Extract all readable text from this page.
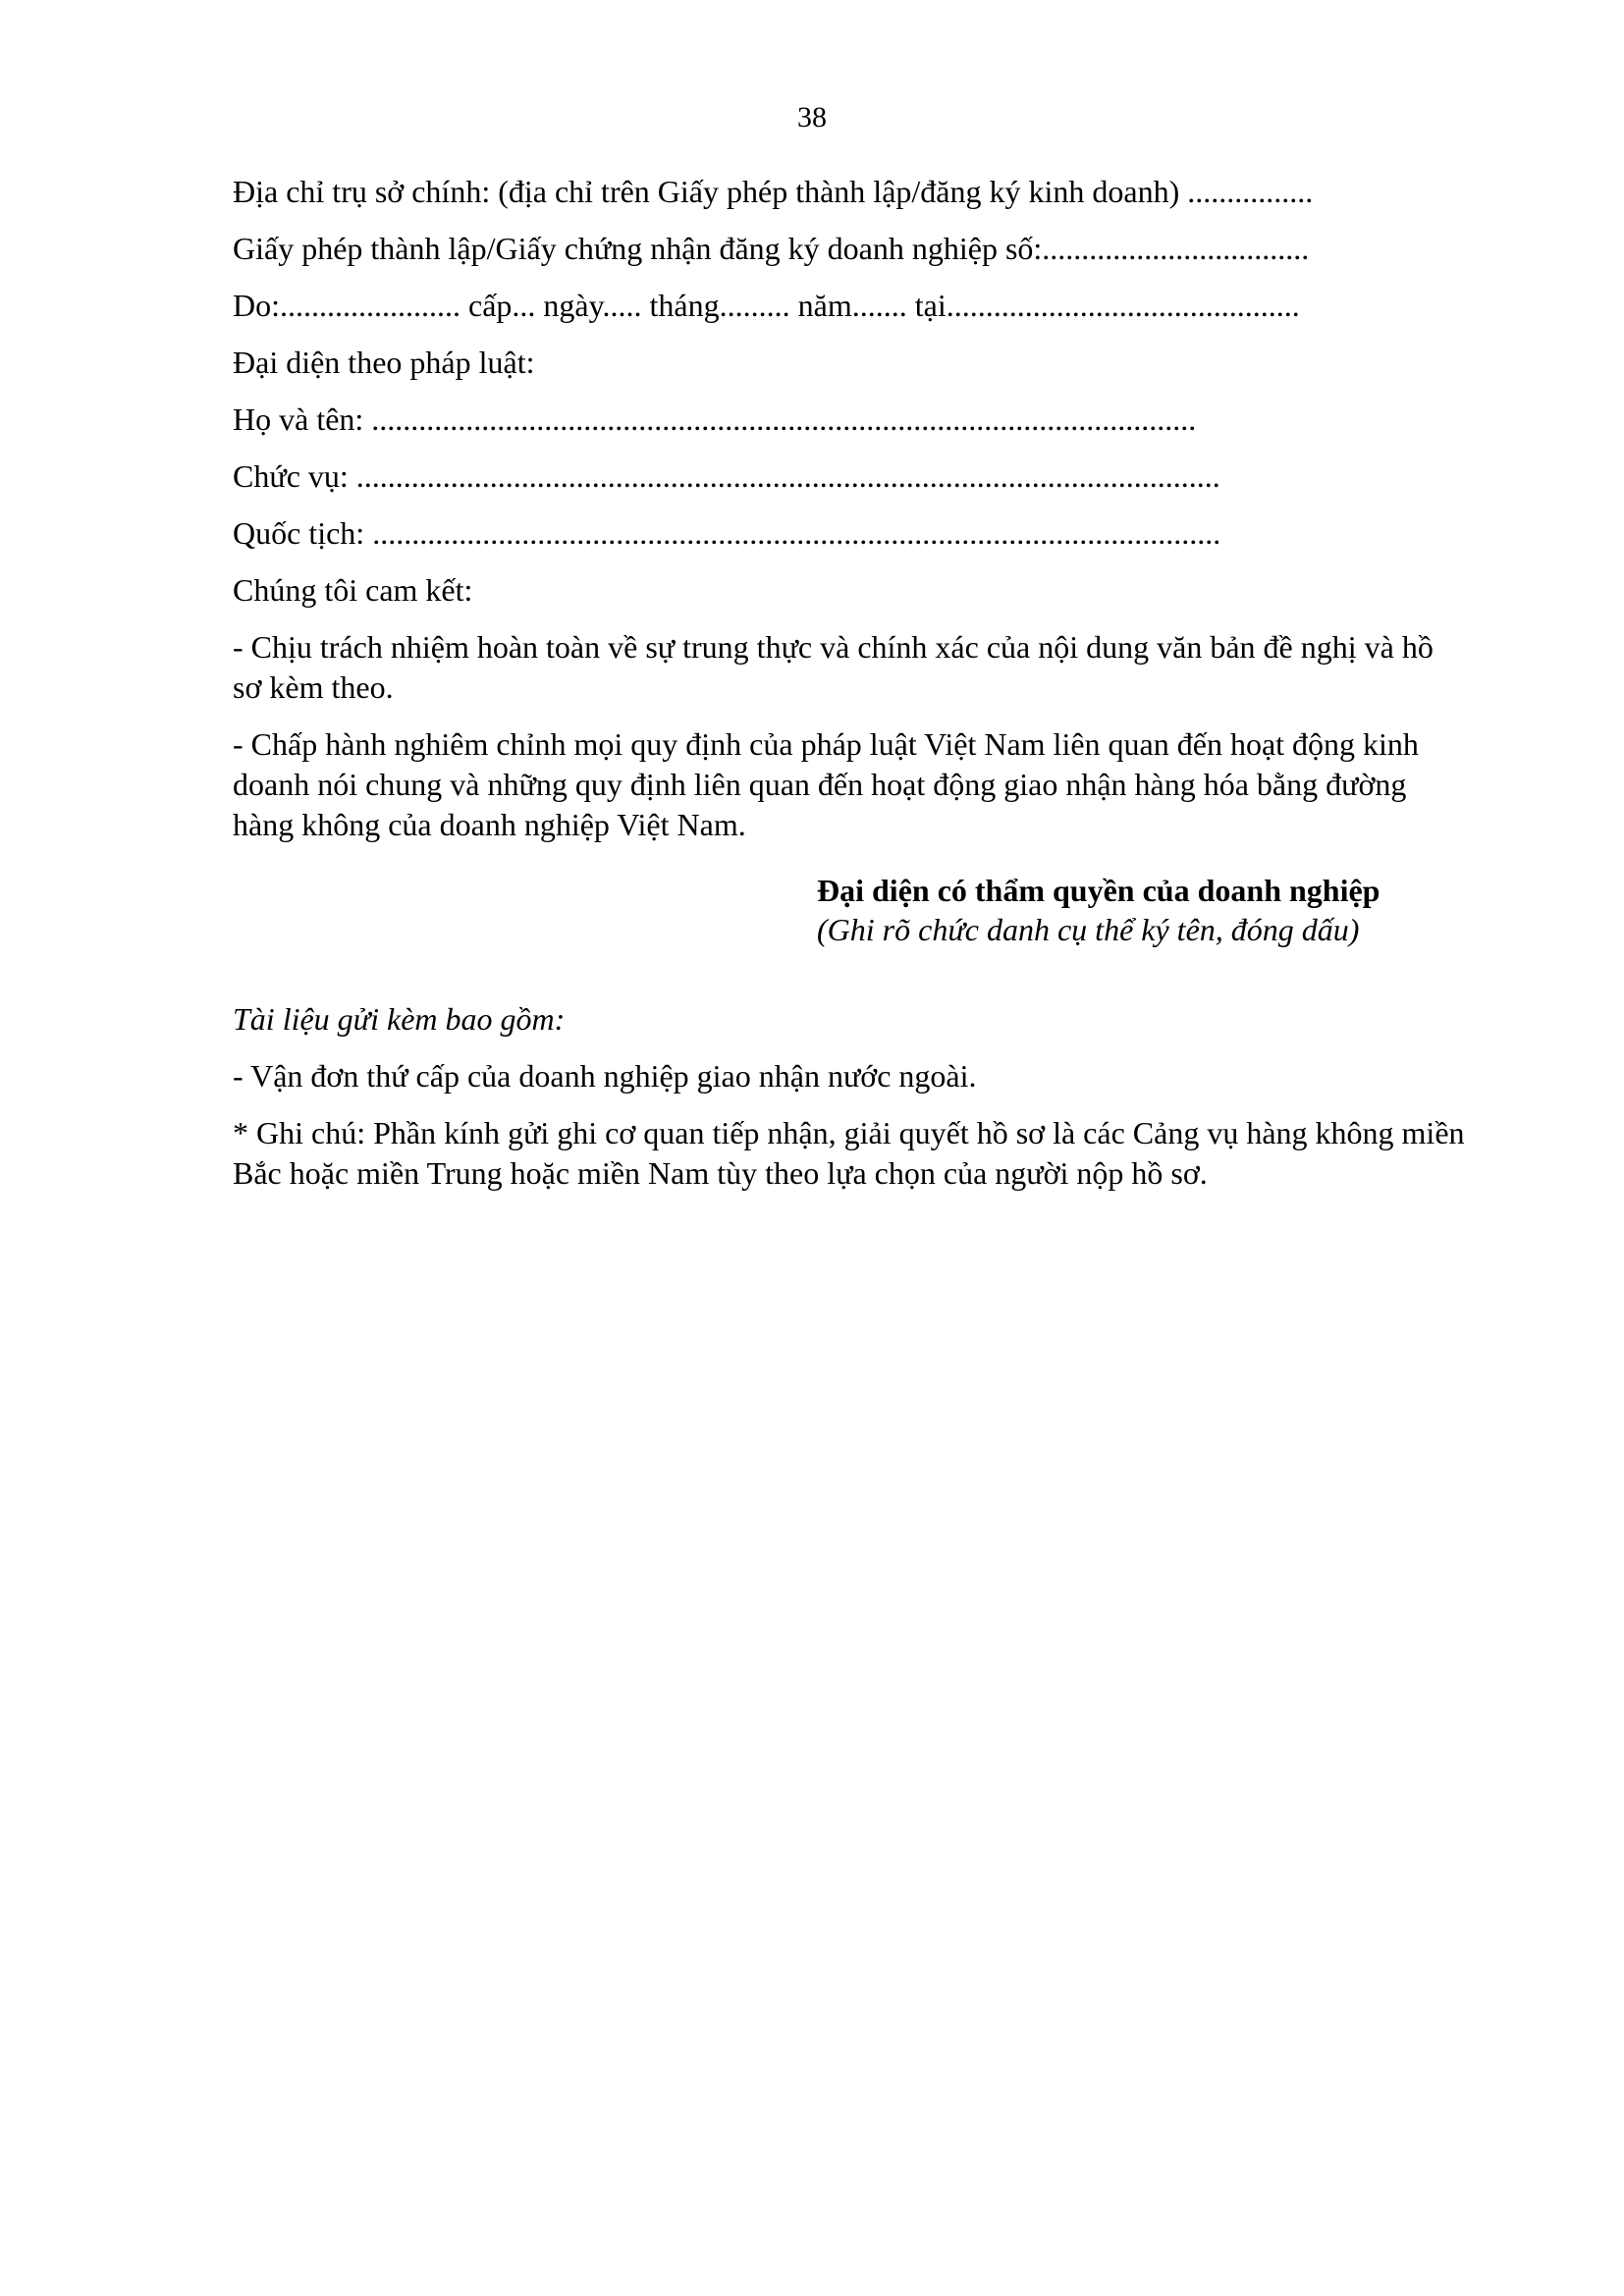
38
Địa chỉ trụ sở chính: (địa chỉ trên Giấy phép thành lập/đăng ký kinh doanh) ................
Giấy phép thành lập/Giấy chứng nhận đăng ký doanh nghiệp số:..................................
Do:....................... cấp... ngày..... tháng......... năm....... tại.............................................
Đại diện theo pháp luật:
Họ và tên: .........................................................................................................
Chức vụ: ..............................................................................................................
Quốc tịch: ............................................................................................................
Chúng tôi cam kết:
- Chịu trách nhiệm hoàn toàn về sự trung thực và chính xác của nội dung văn bản đề nghị và hồ sơ kèm theo.
- Chấp hành nghiêm chỉnh mọi quy định của pháp luật Việt Nam liên quan đến hoạt động kinh doanh nói chung và những quy định liên quan đến hoạt động giao nhận hàng hóa bằng đường hàng không của doanh nghiệp Việt Nam.
Đại diện có thẩm quyền của doanh nghiệp
(Ghi rõ chức danh cụ thể ký tên, đóng dấu)
Tài liệu gửi kèm bao gồm:
- Vận đơn thứ cấp của doanh nghiệp giao nhận nước ngoài.
* Ghi chú: Phần kính gửi ghi cơ quan tiếp nhận, giải quyết hồ sơ là các Cảng vụ hàng không miền Bắc hoặc miền Trung hoặc miền Nam tùy theo lựa chọn của người nộp hồ sơ.
